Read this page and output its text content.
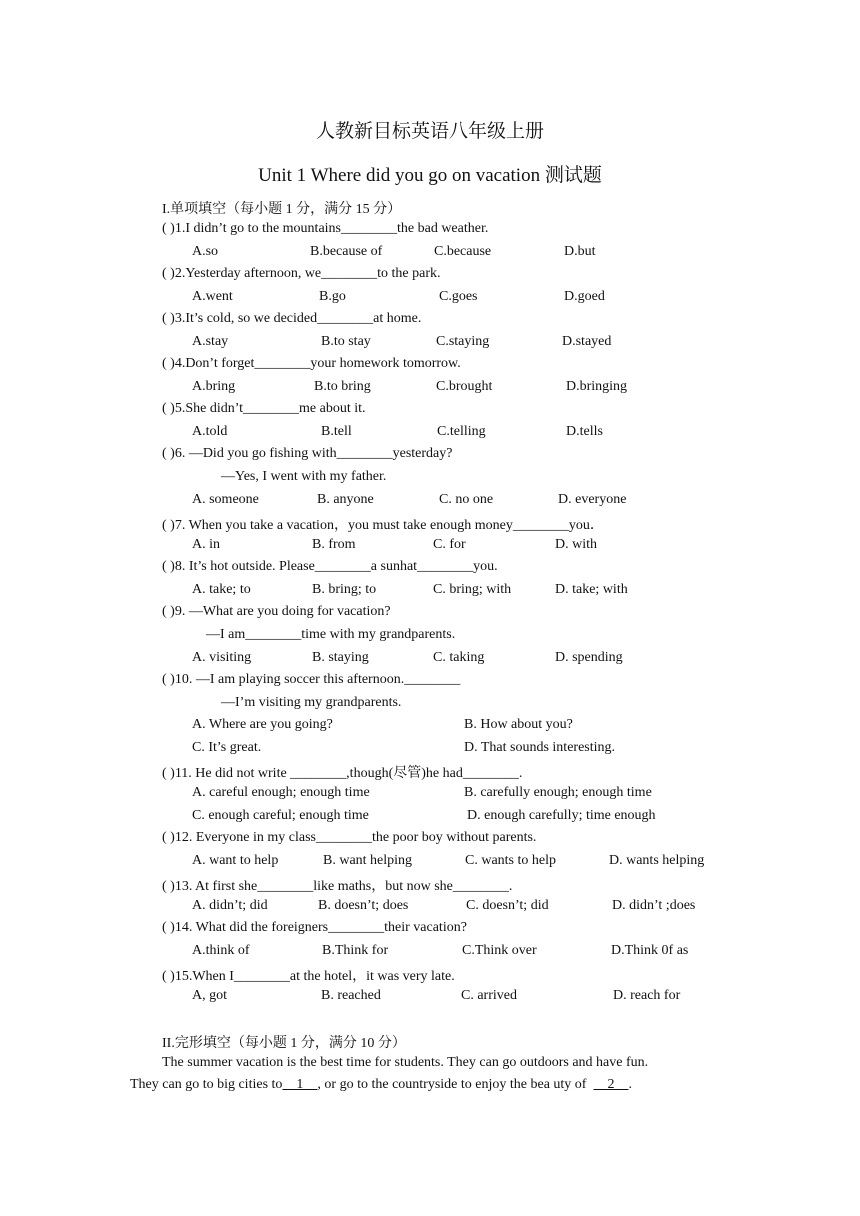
人教新目标英语八年级上册
Unit 1 Where did you go on vacation 测试题
I.单项填空（每小题 1 分，满分 15 分）
( )1.I didn’t go to the mountains________the bad weather.
A.so	B.because of	C.because	D.but
( )2.Yesterday afternoon, we________to the park.
A.went	B.go	C.goes	D.goed
( )3.It’s cold, so we decided________at home.
A.stay	B.to stay	C.staying	D.stayed
( )4.Don’t forget________your homework tomorrow.
A.bring	B.to bring	C.brought	D.bringing
( )5.She didn’t________me about it.
A.told	B.tell	C.telling	D.tells
( )6. —Did you go fishing with________yesterday?
—Yes, I went with my father.
A. someone	B. anyone	C. no one	D. everyone
( )7. When you take a vacation，you must take enough money________you．
A. in	B. from	C. for	D. with
( )8. It’s hot outside. Please________a sunhat________you.
A. take; to	B. bring; to	C. bring; with	D. take; with
( )9. —What are you doing for vacation?
—I am________time with my grandparents.
A. visiting	B. staying	C. taking	D. spending
( )10. —I am playing soccer this afternoon.________
—I’m visiting my grandparents.
A. Where are you going?	B. How about you?
C. It’s great.	D. That sounds interesting.
( )11. He did not write ________,though(尽管)he had________.
A. careful enough; enough time	B. carefully enough; enough time
C. enough careful; enough time	D. enough carefully; time enough
( )12. Everyone in my class________the poor boy without parents.
A. want to help	B. want helping	C. wants to help	D. wants helping
( )13. At first she________like maths，but now she________.
A. didn’t; did	B. doesn’t; does	C. doesn’t; did	D. didn’t ;does
( )14. What did the foreigners________their vacation?
A.think of	B.Think for	C.Think over	D.Think 0f as
( )15.When I________at the hotel，it was very late.
A, got	B. reached	C. arrived	D. reach for
II.完形填空（每小题 1 分，满分 10 分）
The summer vacation is the best time for students. They can go outdoors and have fun.
They can go to big cities to    1    , or go to the countryside to enjoy the bea uty of      2    .
